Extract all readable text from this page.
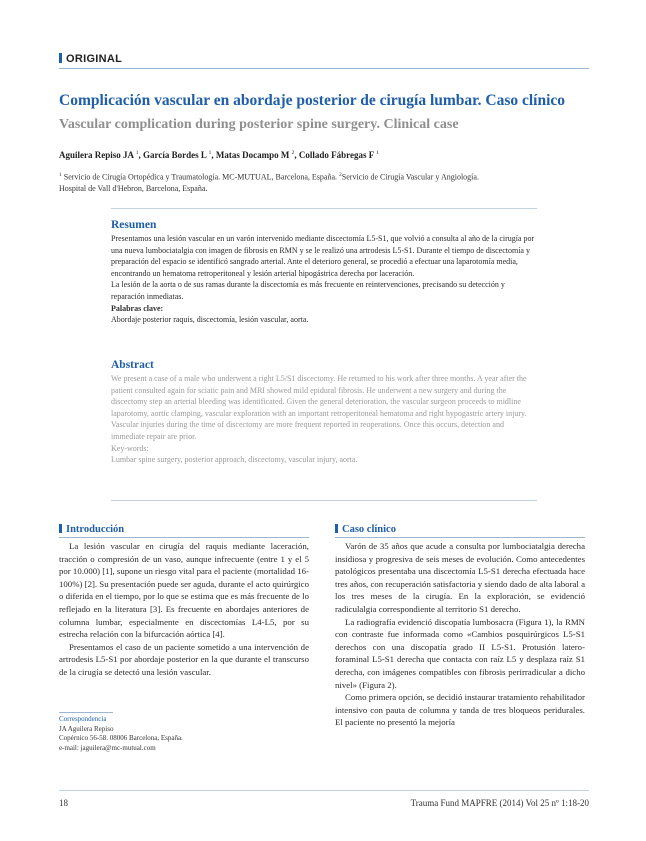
ORIGINAL
Complicación vascular en abordaje posterior de cirugía lumbar. Caso clínico
Vascular complication during posterior spine surgery. Clinical case
Aguilera Repiso JA $^1$, García Bordes L $^1$, Matas Docampo M $^2$, Collado Fábregas F $^1$
$^1$ Servicio de Cirugía Ortopédica y Traumatología. MC-MUTUAL, Barcelona, España. $^2$Servicio de Cirugía Vascular y Angiología.
Hospital de Vall d'Hebron, Barcelona, España.

Resumen

Presentamos una lesión vascular en un varón intervenido mediante discectomía L5-S1, que volvió a consulta al año de la cirugía por una nueva lumbociatalgia con imagen de fibrosis en RMN y se le realizó una artrodesis L5-S1. Durante el tiempo de discectomía y preparación del espacio se identificó sangrado arterial. Ante el deterioro general, se procedió a efectuar una laparotomía media, encontrando un hematoma retroperitoneal y lesión arterial hipogástrica derecha por laceración.

La lesión de la aorta o de sus ramas durante la discectomía es más frecuente en reintervenciones, precisando su detección y reparación inmediatas.

Palabras clave:

Abordaje posterior raquis, discectomía, lesión vascular, aorta.

Abstract

We present a case of a male who underwent a right L5/S1 discectomy. He returned to his work after three months. A year after the patient consulted again for sciatic pain and MRI showed mild epidural fibrosis. He underwent a new surgery and during the discectomy step an arterial bleeding was identificated. Given the general deterioration, the vascular surgeon proceeds to midline laparotomy, aortic clamping, vascular exploration with an important retroperitoneal hematoma and right hypogastric artery injury.

Vascular injuries during the time of discectomy are more frequent reported in reoperations. Once this occurs, detection and immediate repair are prior.

Key-words:

Lumbar spine surgery, posterior approach, discectomy, vascular injury, aorta.

Introducción

La lesión vascular en cirugía del raquis mediante laceración, tracción o compresión de un vaso, aunque infrecuente (entre 1 y el 5 por 10.000) [1], supone un riesgo vital para el paciente (mortalidad 16-100%) [2]. Su presentación puede ser aguda, durante el acto quirúrgico o diferida en el tiempo, por lo que se estima que es más frecuente de lo reflejado en la literatura [3]. Es frecuente en abordajes anteriores de columna lumbar, especialmente en discectomías L4-L5, por su estrecha relación con la bifurcación aórtica [4].

Presentamos el caso de un paciente sometido a una intervención de artrodesis L5-S1 por abordaje posterior en la que durante el transcurso de la cirugía se detectó una lesión vascular.

Correspondencia
JA Aguilera Repiso
Copérnico 56-58. 08006 Barcelona, España.
e-mail: jaguilera@mc-mutual.com

Caso clínico

Varón de 35 años que acude a consulta por lumbociatalgia derecha insidiosa y progresiva de seis meses de evolución. Como antecedentes patológicos presentaba una discectomía L5-S1 derecha efectuada hace tres años, con recuperación satisfactoria y siendo dado de alta laboral a los tres meses de la cirugía. En la exploración, se evidenció radiculalgia correspondiente al territorio S1 derecho.

La radiografía evidenció discopatía lumbosacra (Figura 1), la RMN con contraste fue informada como «Cambios posquirúrgicos L5-S1 derechos con una discopatía grado II L5-S1. Protusión latero-foraminal L5-S1 derecha que contacta con raíz L5 y desplaza raíz S1 derecha, con imágenes compatibles con fibrosis perirradicular a dicho nivel» (Figura 2).

Como primera opción, se decidió instaurar tratamiento rehabilitador intensivo con pauta de columna y tanda de tres bloqueos peridurales. El paciente no presentó la mejoría

18	Trauma Fund MAPFRE (2014) Vol 25 nº 1:18-20
